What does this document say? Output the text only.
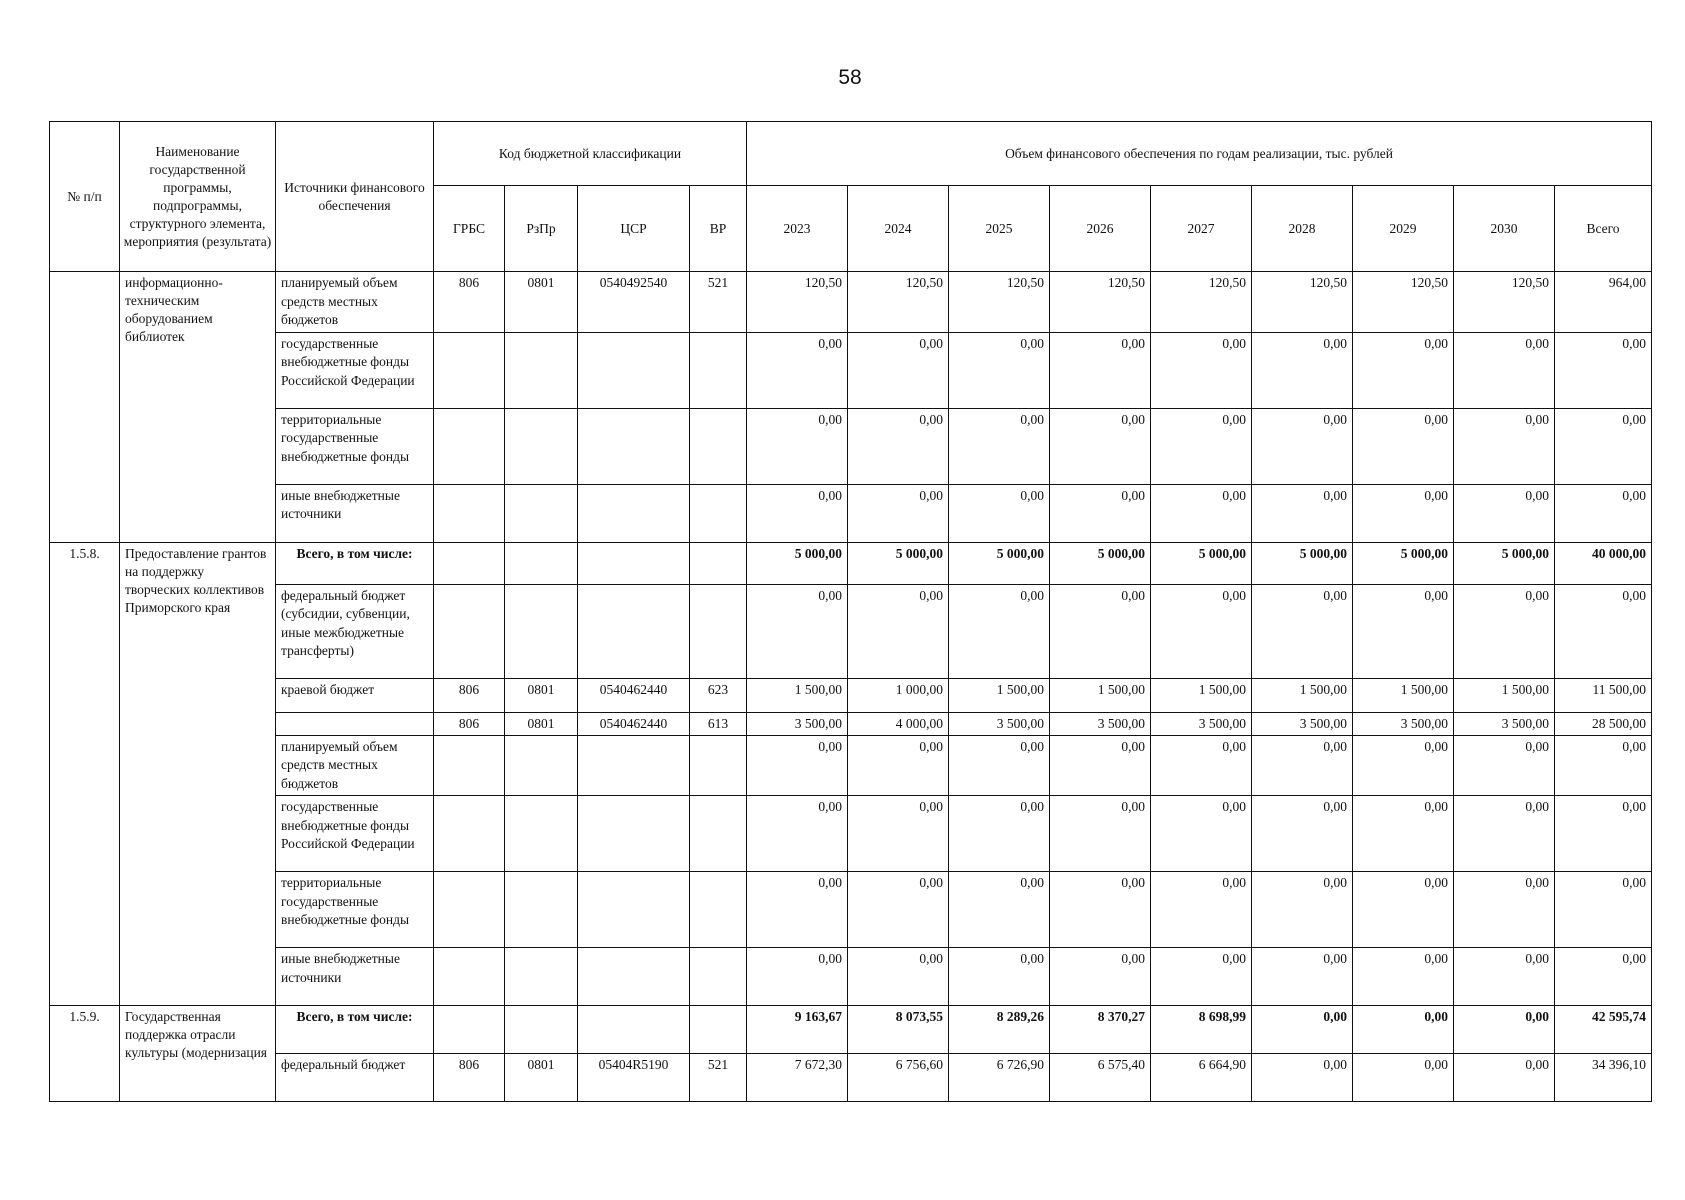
58
№ п/п	Наименование государственной программы, подпрограммы, структурного элемента, мероприятия (результата)	Источники финансового обеспечения	Код бюджетной классификации				Объем финансового обеспечения по годам реализации, тыс. рублей								
			ГРБС	РзПр	ЦСР	ВР	2023	2024	2025	2026	2027	2028	2029	2030	Всего
	информационно-техническим оборудованием библиотек	планируемый объем средств местных бюджетов	806	0801	0540492540	521	120,50	120,50	120,50	120,50	120,50	120,50	120,50	120,50	964,00
		государственные внебюджетные фонды Российской Федерации					0,00	0,00	0,00	0,00	0,00	0,00	0,00	0,00	0,00
		территориальные государственные внебюджетные фонды					0,00	0,00	0,00	0,00	0,00	0,00	0,00	0,00	0,00
		иные внебюджетные источники					0,00	0,00	0,00	0,00	0,00	0,00	0,00	0,00	0,00
1.5.8.	Предоставление грантов на поддержку творческих коллективов Приморского края	Всего, в том числе:					5 000,00	5 000,00	5 000,00	5 000,00	5 000,00	5 000,00	5 000,00	5 000,00	40 000,00
		федеральный бюджет (субсидии, субвенции, иные межбюджетные трансферты)					0,00	0,00	0,00	0,00	0,00	0,00	0,00	0,00	0,00
		краевой бюджет	806	0801	0540462440	623	1 500,00	1 000,00	1 500,00	1 500,00	1 500,00	1 500,00	1 500,00	1 500,00	11 500,00
			806	0801	0540462440	613	3 500,00	4 000,00	3 500,00	3 500,00	3 500,00	3 500,00	3 500,00	3 500,00	28 500,00
		планируемый объем средств местных бюджетов					0,00	0,00	0,00	0,00	0,00	0,00	0,00	0,00	0,00
		государственные внебюджетные фонды Российской Федерации					0,00	0,00	0,00	0,00	0,00	0,00	0,00	0,00	0,00
		территориальные государственные внебюджетные фонды					0,00	0,00	0,00	0,00	0,00	0,00	0,00	0,00	0,00
		иные внебюджетные источники					0,00	0,00	0,00	0,00	0,00	0,00	0,00	0,00	0,00
1.5.9.	Государственная поддержка отрасли культуры (модернизация	Всего, в том числе:					9 163,67	8 073,55	8 289,26	8 370,27	8 698,99	0,00	0,00	0,00	42 595,74
		федеральный бюджет	806	0801	05404R5190	521	7 672,30	6 756,60	6 726,90	6 575,40	6 664,90	0,00	0,00	0,00	34 396,10
